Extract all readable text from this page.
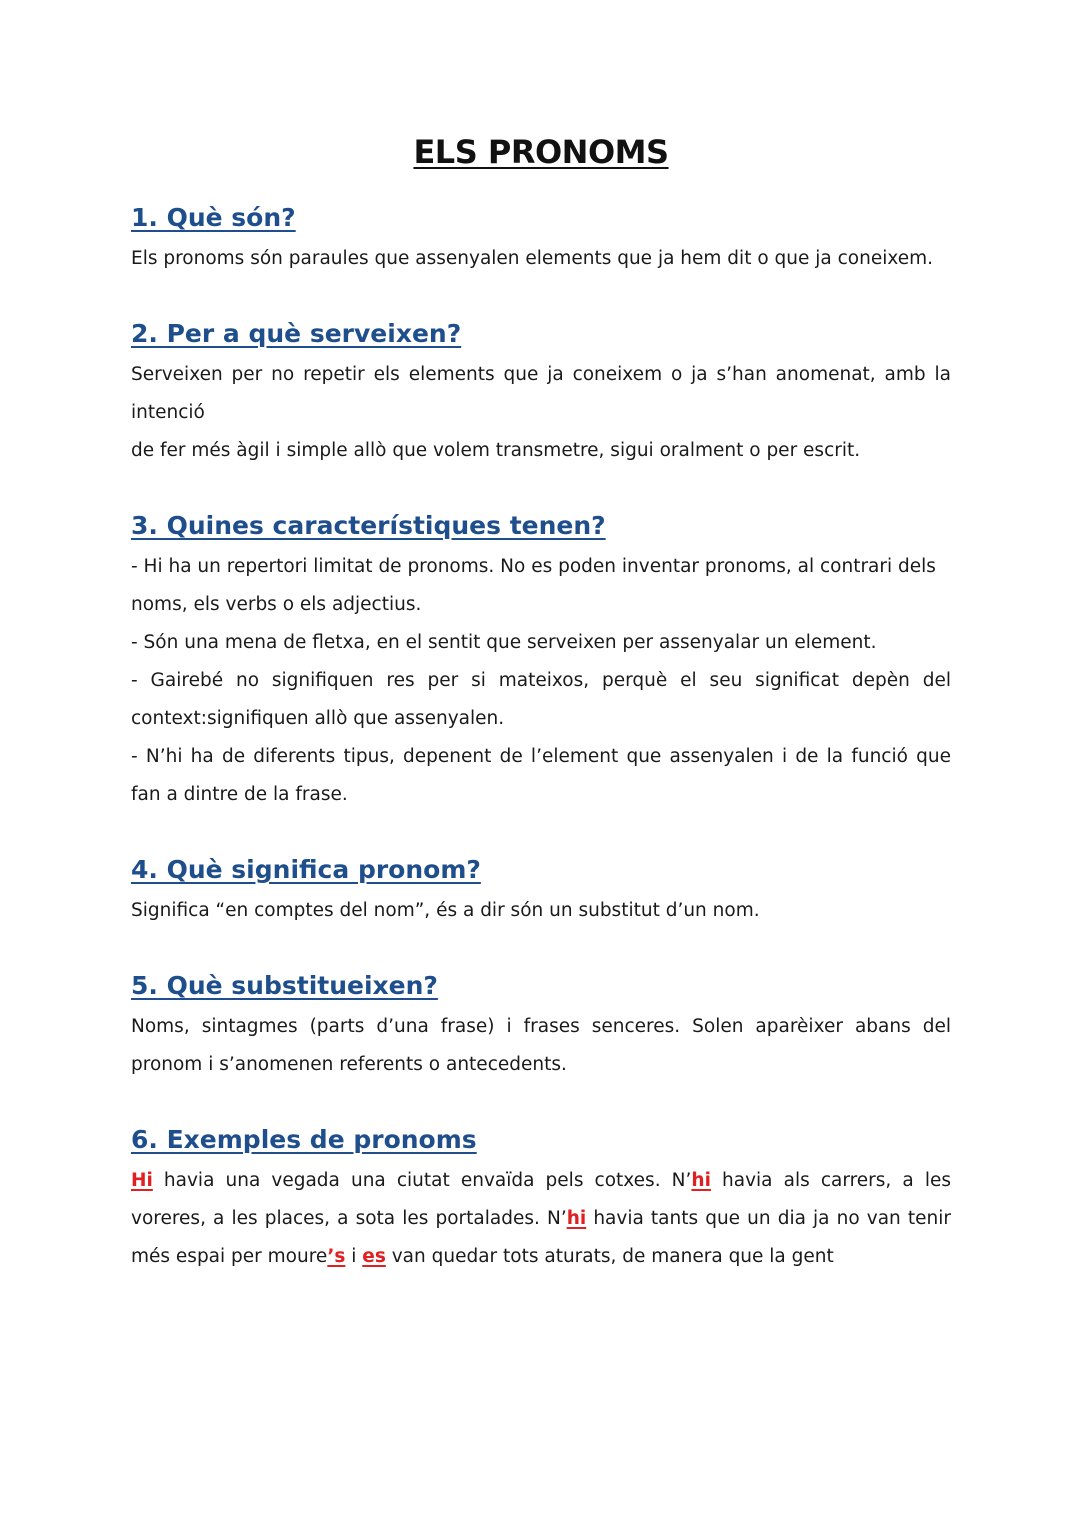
ELS PRONOMS
1. Què són?

Els pronoms són paraules que assenyalen elements que ja hem dit o que ja coneixem.

2. Per a què serveixen?

Serveixen per no repetir els elements que ja coneixem o ja s’han anomenat, amb la intenció

de fer més àgil i simple allò que volem transmetre, sigui oralment o per escrit.

3. Quines característiques tenen?

- Hi ha un repertori limitat de pronoms. No es poden inventar pronoms, al contrari dels

noms, els verbs o els adjectius.

- Són una mena de fletxa, en el sentit que serveixen per assenyalar un element.

- Gairebé no signifiquen res per si mateixos, perquè el seu significat depèn del context:signifiquen allò que assenyalen.

- N’hi ha de diferents tipus, depenent de l’element que assenyalen i de la funció que fan a dintre de la frase.

4. Què significa pronom?

Significa “en comptes del nom”, és a dir són un substitut d’un nom.

5. Què substitueixen?

Noms, sintagmes (parts d’una frase) i frases senceres. Solen aparèixer abans del pronom i s’anomenen referents o antecedents.

6. Exemples de pronoms

Hi havia una vegada una ciutat envaïda pels cotxes. N’hi havia als carrers, a les voreres, a les places, a sota les portalades. N’hi havia tants que un dia ja no van tenir més espai per moure’s i es van quedar tots aturats, de manera que la gent
